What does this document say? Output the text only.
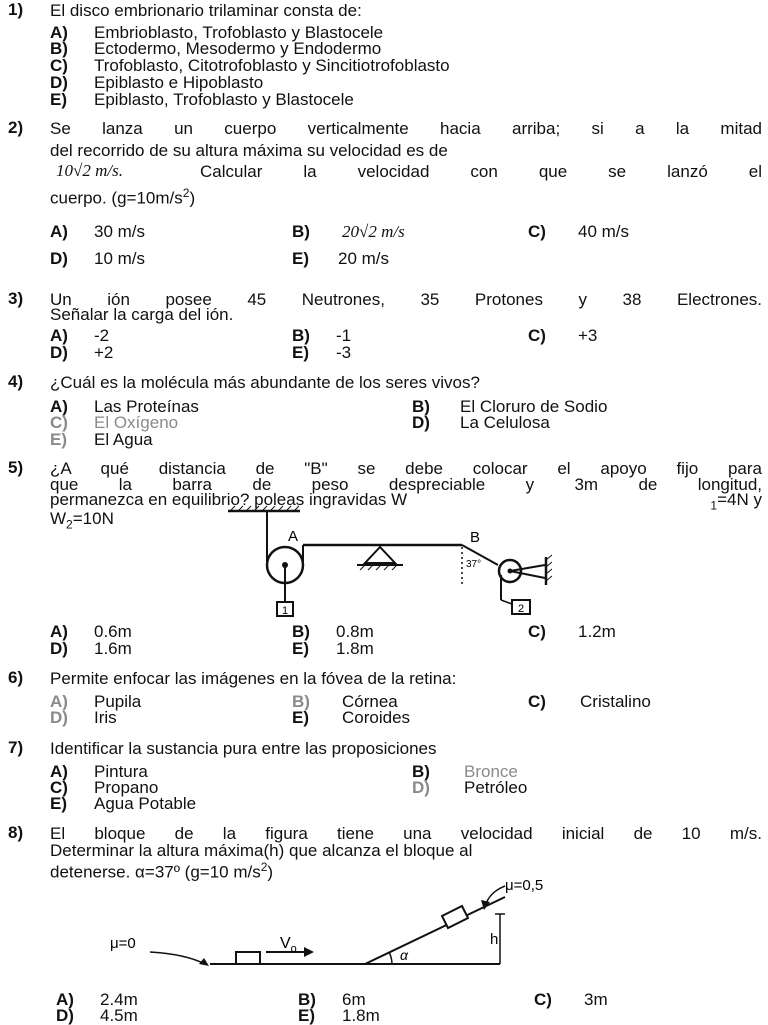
1) El disco embrionario trilaminar consta de:
A) Embrioblasto, Trofoblasto y Blastocele
B) Ectodermo, Mesodermo y Endodermo
C) Trofoblasto, Citotrofoblasto y Sincitiotrofoblasto
D) Epiblasto e Hipoblasto
E) Epiblasto, Trofoblasto y Blastocele
2) Se lanza un cuerpo verticalmente hacia arriba; si a la mitad
del recorrido de su altura máxima su velocidad es de
10√2 m/s.	Calcular la velocidad con que se lanzó el
cuerpo. $(g=10m/s^2)$
A) 30 m/s	B) 20√2 m/s	C) 40 m/s
D) 10 m/s	E) 20 m/s
3) Un ión posee 45 Neutrones, 35 Protones y 38 Electrones.
Señalar la carga del ión.
A) -2	B) -1	C) +3
D) +2	E) -3
4) ¿Cuál es la molécula más abundante de los seres vivos?
A) Las Proteínas	B) El Cloruro de Sodio
C) El Oxígeno	D) La Celulosa
E) El Agua
5) ¿A qué distancia de "B" se debe colocar el apoyo fijo para
que la barra de peso despreciable y 3m de longitud,
permanezca en equilibrio? poleas ingravidas W	$_1$=4N y
$W_2=10N$
1
A	B
37°
2
A) 0.6m	B) 0.8m	C) 1.2m
D) 1.6m	E) 1.8m
6) Permite enfocar las imágenes en la fóvea de la retina:
A) Pupila	B) Córnea	C) Cristalino
D) Iris	E) Coroides
7) Identificar la sustancia pura entre las proposiciones
A) Pintura	B) Bronce
C) Propano	D) Petróleo
E) Agua Potable
8) El bloque de la figura tiene una velocidad inicial de 10 m/s.
Determinar la altura máxima(h) que alcanza el bloque al
detenerse. α=37º (g=10 $m/s^2$)
α
$V_o$
μ=0
μ=0,5
h
A) 2.4m	B) 6m	C) 3m
D) 4.5m	E) 1.8m
